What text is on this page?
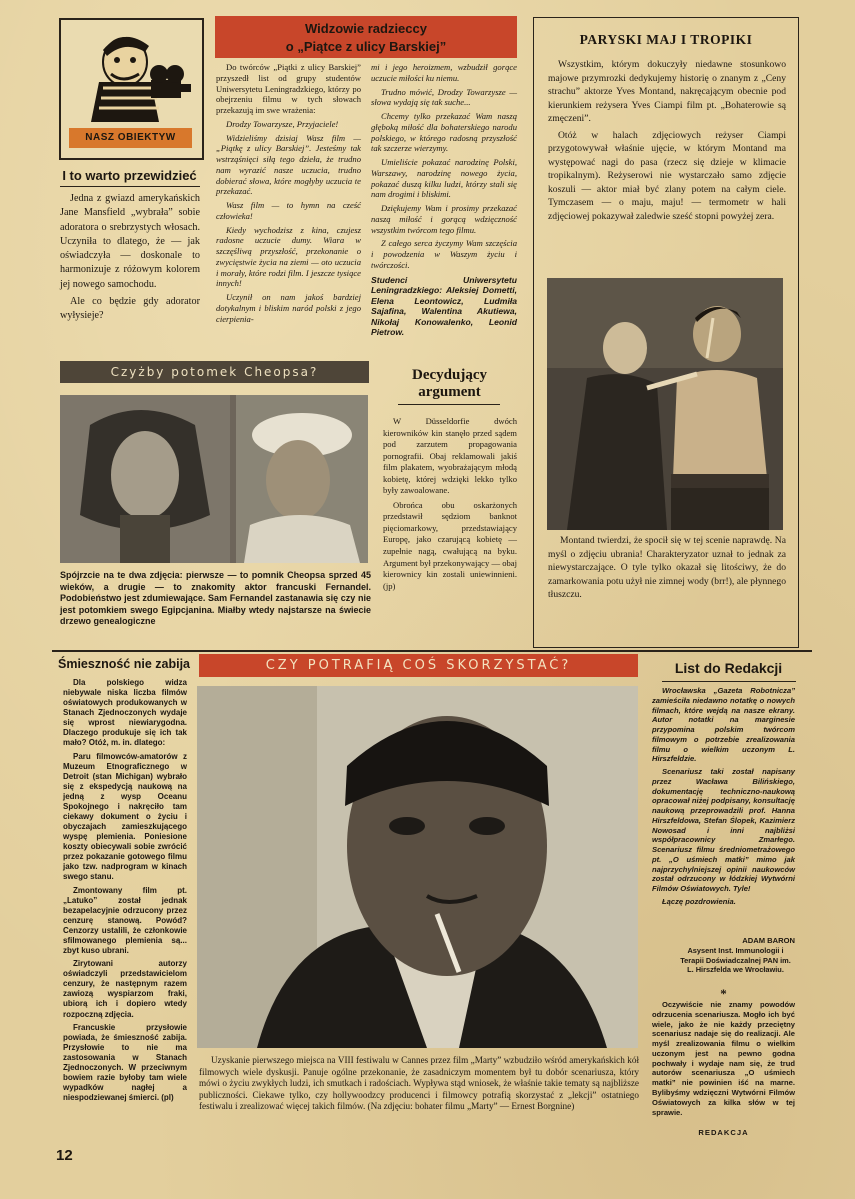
NASZ OBIEKTYW
I to warto przewidzieć

Jedna z gwiazd amerykańskich Jane Mansfield „wybrała” sobie adoratora o srebrzystych włosach. Uczyniła to dlatego, że — jak oświadczyła — doskonale to harmonizuje z różowym kolorem jej nowego samochodu.

Ale co będzie gdy adorator wyłysieje?

Widzowie radzieccy
o „Piątce z ulicy Barskiej”

Do twórców „Piątki z ulicy Barskiej” przyszedł list od grupy studentów Uniwersytetu Leningradzkiego, którzy po obejrzeniu filmu w tych słowach przekazują im swe wrażenia:

Drodzy Towarzysze, Przyjaciele!

Widzieliśmy dzisiaj Wasz film — „Piątkę z ulicy Barskiej”. Jesteśmy tak wstrząśnięci siłą tego dzieła, że trudno nam wyrazić nasze uczucia, trudno dobierać słowa, które mogłyby uczucia te przekazać.

Wasz film — to hymn na cześć człowieka!

Kiedy wychodzisz z kina, czujesz radosne uczucie dumy. Wiara w szczęśliwą przyszłość, przekonanie o zwycięstwie życia na ziemi — oto uczucia i morały, które rodzi film. I jeszcze tysiące innych!

Uczynił on nam jakoś bardziej dotykalnym i bliskim naród polski z jego cierpienia-

mi i jego heroizmem, wzbudził gorące uczucie miłości ku niemu.

Trudno mówić, Drodzy Towarzysze — słowa wydają się tak suche...

Chcemy tylko przekazać Wam naszą głęboką miłość dla bohaterskiego narodu polskiego, w którego radosną przyszłość tak szczerze wierzymy.

Umieliście pokazać narodzinę Polski, Warszawy, narodzinę nowego życia, pokazać duszą kilku ludzi, którzy stali się nam drogimi i bliskimi.

Dziękujemy Wam i prosimy przekazać naszą miłość i gorącą wdzięczność wszystkim twórcom tego filmu.

Z całego serca życzymy Wam szczęścia i powodzenia w Waszym życiu i twórczości.

Studenci Uniwersytetu Leningradzkiego: Aleksiej Dometti, Elena Leontowicz, Ludmiła Sajafina, Walentina Akutiewa, Nikołaj Konowalenko, Leonid Pietrow.

PARYSKI MAJ I TROPIKI

Wszystkim, którym dokuczyły niedawne stosunkowo majowe przymrozki dedykujemy historię o znanym z „Ceny strachu” aktorze Yves Montand, nakręcającym obecnie pod kierunkiem reżysera Yves Ciampi film pt. „Bohaterowie są zmęczeni”.

Otóż w halach zdjęciowych reżyser Ciampi przygotowywał właśnie ujęcie, w którym Montand ma występować nagi do pasa (rzecz się dzieje w klimacie tropikalnym). Reżyserowi nie wystarczało samo zdjęcie koszuli — aktor miał być zlany potem na całym ciele. Tymczasem — o maju, maju! — termometr w hali zdjęciowej pokazywał zaledwie sześć stopni powyżej zera.

Montand twierdzi, że spocił się w tej scenie naprawdę. Na myśl o zdjęciu ubrania! Charakteryzator uznał to jednak za niewystarczające. O tyle tylko okazał się litościwy, że do zamarkowania potu użył nie zimnej wody (brr!), ale płynnego tłuszczu.
Czyżby potomek Cheopsa?
Spójrzcie na te dwa zdjęcia: pierwsze — to pomnik Cheopsa sprzed 45 wieków, a drugie — to znakomity aktor francuski Fernandel. Podobieństwo jest zdumiewające. Sam Fernandel zastanawia się czy nie jest potomkiem swego Egipcjanina. Miałby wtedy najstarsze na świecie drzewo genealogiczne
Decydujący
argument

W Düsseldorfie dwóch kierowników kin stanęło przed sądem pod zarzutem propagowania pornografii. Obaj reklamowali jakiś film plakatem, wyobrażającym młodą kobietę, której wdzięki lekko tylko były zawoalowane.

Obrońca obu oskarżonych przedstawił sędziom banknot pięciomarkowy, przedstawiający Europę, jako czarującą kobietę — zupełnie nagą, cwałującą na byku. Argument był przekonywający — obaj kierownicy kin zostali uniewinnieni. (jp)

Śmieszność nie zabija

Dla polskiego widza niebywale niska liczba filmów oświatowych produkowanych w Stanach Zjednoczonych wydaje się wprost niewiarygodna. Dlaczego produkuje się ich tak mało? Otóż, m. in. dlatego:

Paru filmowców-amatorów z Muzeum Etnograficznego w Detroit (stan Michigan) wybrało się z ekspedycją naukową na jedną z wysp Oceanu Spokojnego i nakręciło tam ciekawy dokument o życiu i obyczajach zamieszkującego wyspę plemienia. Poniesione koszty obiecywali sobie zwrócić przez pokazanie gotowego filmu jako tzw. nadprogram w kinach swego stanu.

Zmontowany film pt. „Latuko” został jednak bezapelacyjnie odrzucony przez cenzurę stanową. Powód? Cenzorzy ustalili, że członkowie sfilmowanego plemienia są... zbyt kuso ubrani.

Zirytowani autorzy oświadczyli przedstawicielom cenzury, że następnym razem zawiozą wyspiarzom fraki, ubiorą ich i dopiero wtedy rozpoczną zdjęcia.

Francuskie przysłowie powiada, że śmieszność zabija. Przysłowie to nie ma zastosowania w Stanach Zjednoczonych. W przeciwnym bowiem razie byłoby tam wiele wypadków nagłej a niespodziewanej śmierci. (pl)

CZY POTRAFIĄ COŚ SKORZYSTAĆ?
Uzyskanie pierwszego miejsca na VIII festiwalu w Cannes przez film „Marty” wzbudziło wśród amerykańskich kół filmowych wiele dyskusji. Panuje ogólne przekonanie, że zasadniczym momentem był tu dobór scenariusza, który mówi o życiu zwykłych ludzi, ich smutkach i radościach. Wypływa stąd wniosek, że właśnie takie tematy są najbliższe publiczności. Ciekawe tylko, czy hollywoodzcy producenci i filmowcy potrafią skorzystać z „lekcji” ostatniego festiwalu i zrealizować więcej takich filmów. (Na zdjęciu: bohater filmu „Marty” — Ernest Borgnine)
List do Redakcji

Wrocławska „Gazeta Robotnicza” zamieściła niedawno notatkę o nowych filmach, które wejdą na nasze ekrany. Autor notatki na marginesie przypomina polskim twórcom filmowym o potrzebie zrealizowania filmu o wielkim uczonym L. Hirszfeldzie.

Scenariusz taki został napisany przez Wacława Bilińskiego, dokumentację techniczno-naukową opracował niżej podpisany, konsultację naukową przeprowadzili prof. Hanna Hirszfeldowa, Stefan Ślopek, Kazimierz Nowosad i inni najbliżsi współpracownicy Zmarłego. Scenariusz filmu średniometrażowego pt. „O uśmiech matki” mimo jak najprzychylniejszej opinii naukowców został odrzucony w łódzkiej Wytwórni Filmów Oświatowych. Tyle!

Łączę pozdrowienia.

ADAM BARON
Asysent Inst. Immunologii i Terapii Doświadczalnej PAN im. L. Hirszfelda we Wrocławiu.
*
Oczywiście nie znamy powodów odrzucenia scenariusza. Mogło ich być wiele, jako że nie każdy przeciętny scenariusz nadaje się do realizacji. Ale myśl zrealizowania filmu o wielkim uczonym jest na pewno godna pochwały i wydaje nam się, że trud autorów scenariusza „O uśmiech matki” nie powinien iść na marne. Bylibyśmy wdzięczni Wytwórni Filmów Oświatowych za kilka słów w tej sprawie.
REDAKCJA
12
